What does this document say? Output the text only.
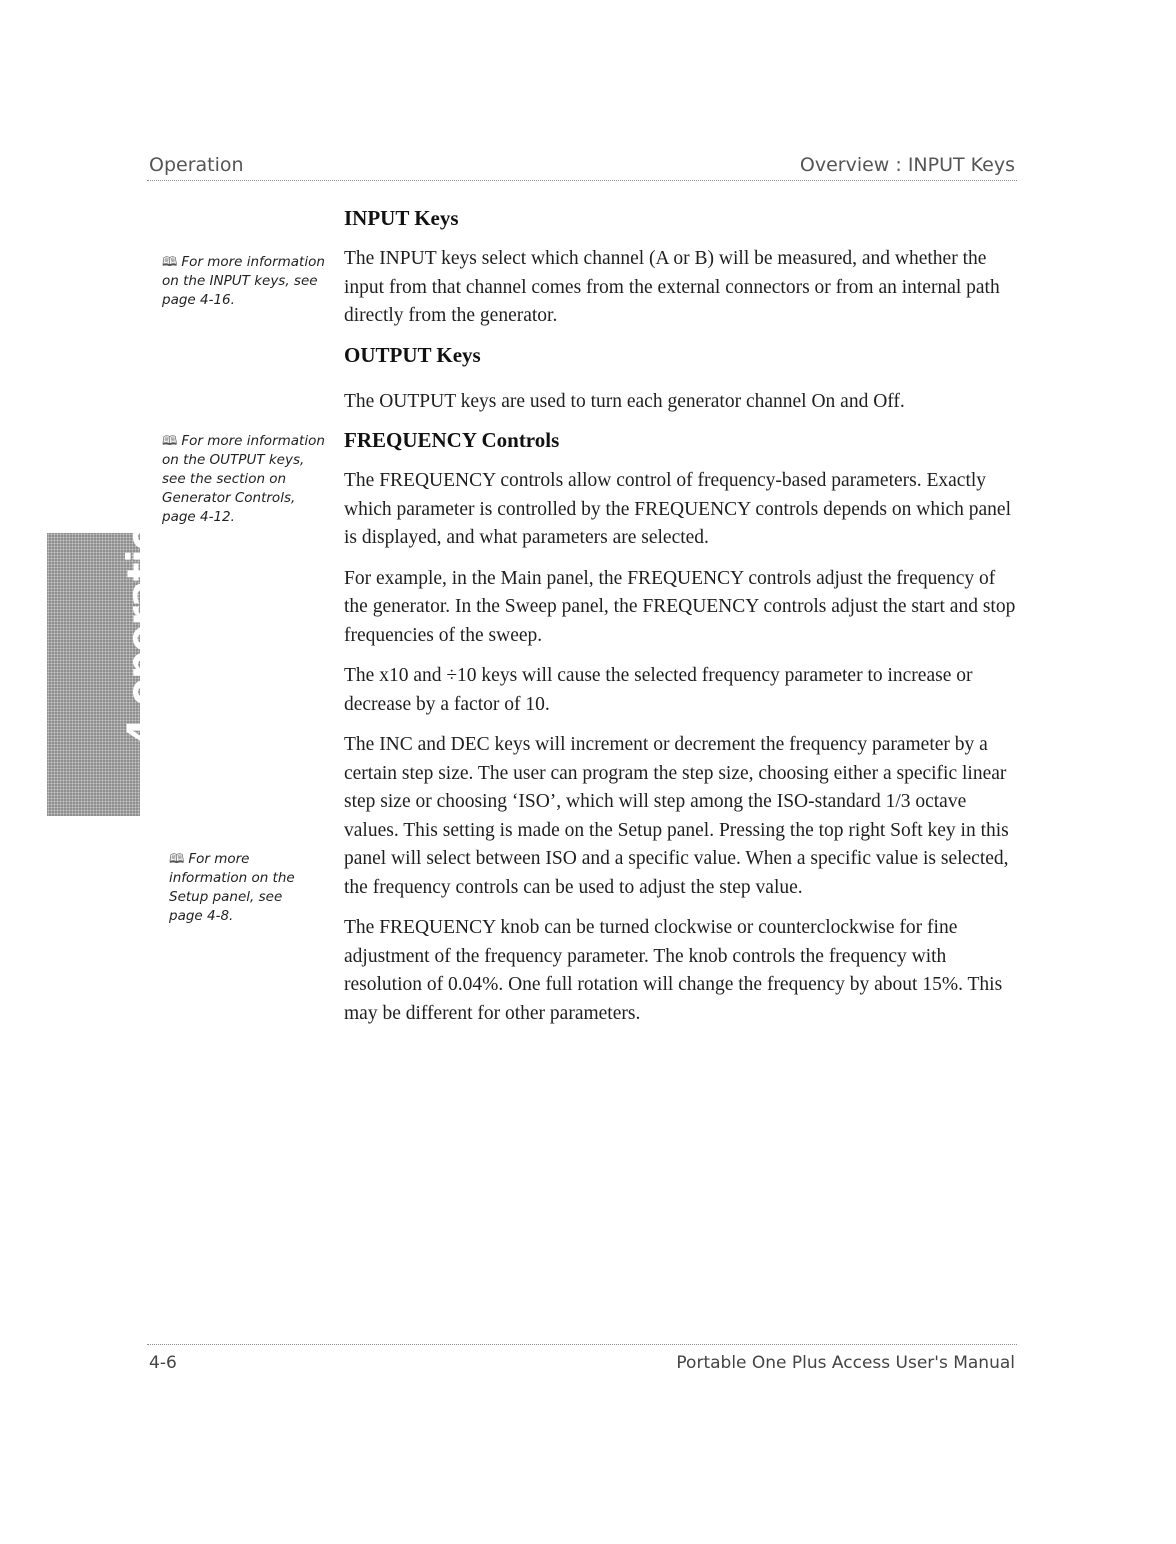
Operation	Overview : INPUT Keys
4 operation
🕮 For more information on the INPUT keys, see page 4-16.
🕮 For more information on the OUTPUT keys, see the section on Generator Controls, page 4-12.
🕮 For more information on the Setup panel, see page 4-8.
INPUT Keys

The INPUT keys select which channel (A or B) will be measured, and whether the input from that channel comes from the external connectors or from an internal path directly from the generator.

OUTPUT Keys

The OUTPUT keys are used to turn each generator channel On and Off.

FREQUENCY Controls

The FREQUENCY controls allow control of frequency-based parameters. Exactly which parameter is controlled by the FREQUENCY controls depends on which panel is displayed, and what parameters are selected.

For example, in the Main panel, the FREQUENCY controls adjust the frequency of the generator. In the Sweep panel, the FREQUENCY controls adjust the start and stop frequencies of the sweep.

The x10 and ÷10 keys will cause the selected frequency parameter to increase or decrease by a factor of 10.

The INC and DEC keys will increment or decrement the frequency parameter by a certain step size. The user can program the step size, choosing either a specific linear step size or choosing ‘ISO’, which will step among the ISO-standard 1/3 octave values. This setting is made on the Setup panel. Pressing the top right Soft key in this panel will select between ISO and a specific value. When a specific value is selected, the frequency controls can be used to adjust the step value.

The FREQUENCY knob can be turned clockwise or counterclockwise for fine adjustment of the frequency parameter. The knob controls the frequency with resolution of 0.04%. One full rotation will change the frequency by about 15%. This may be different for other parameters.

4-6	Portable One Plus Access User's Manual
